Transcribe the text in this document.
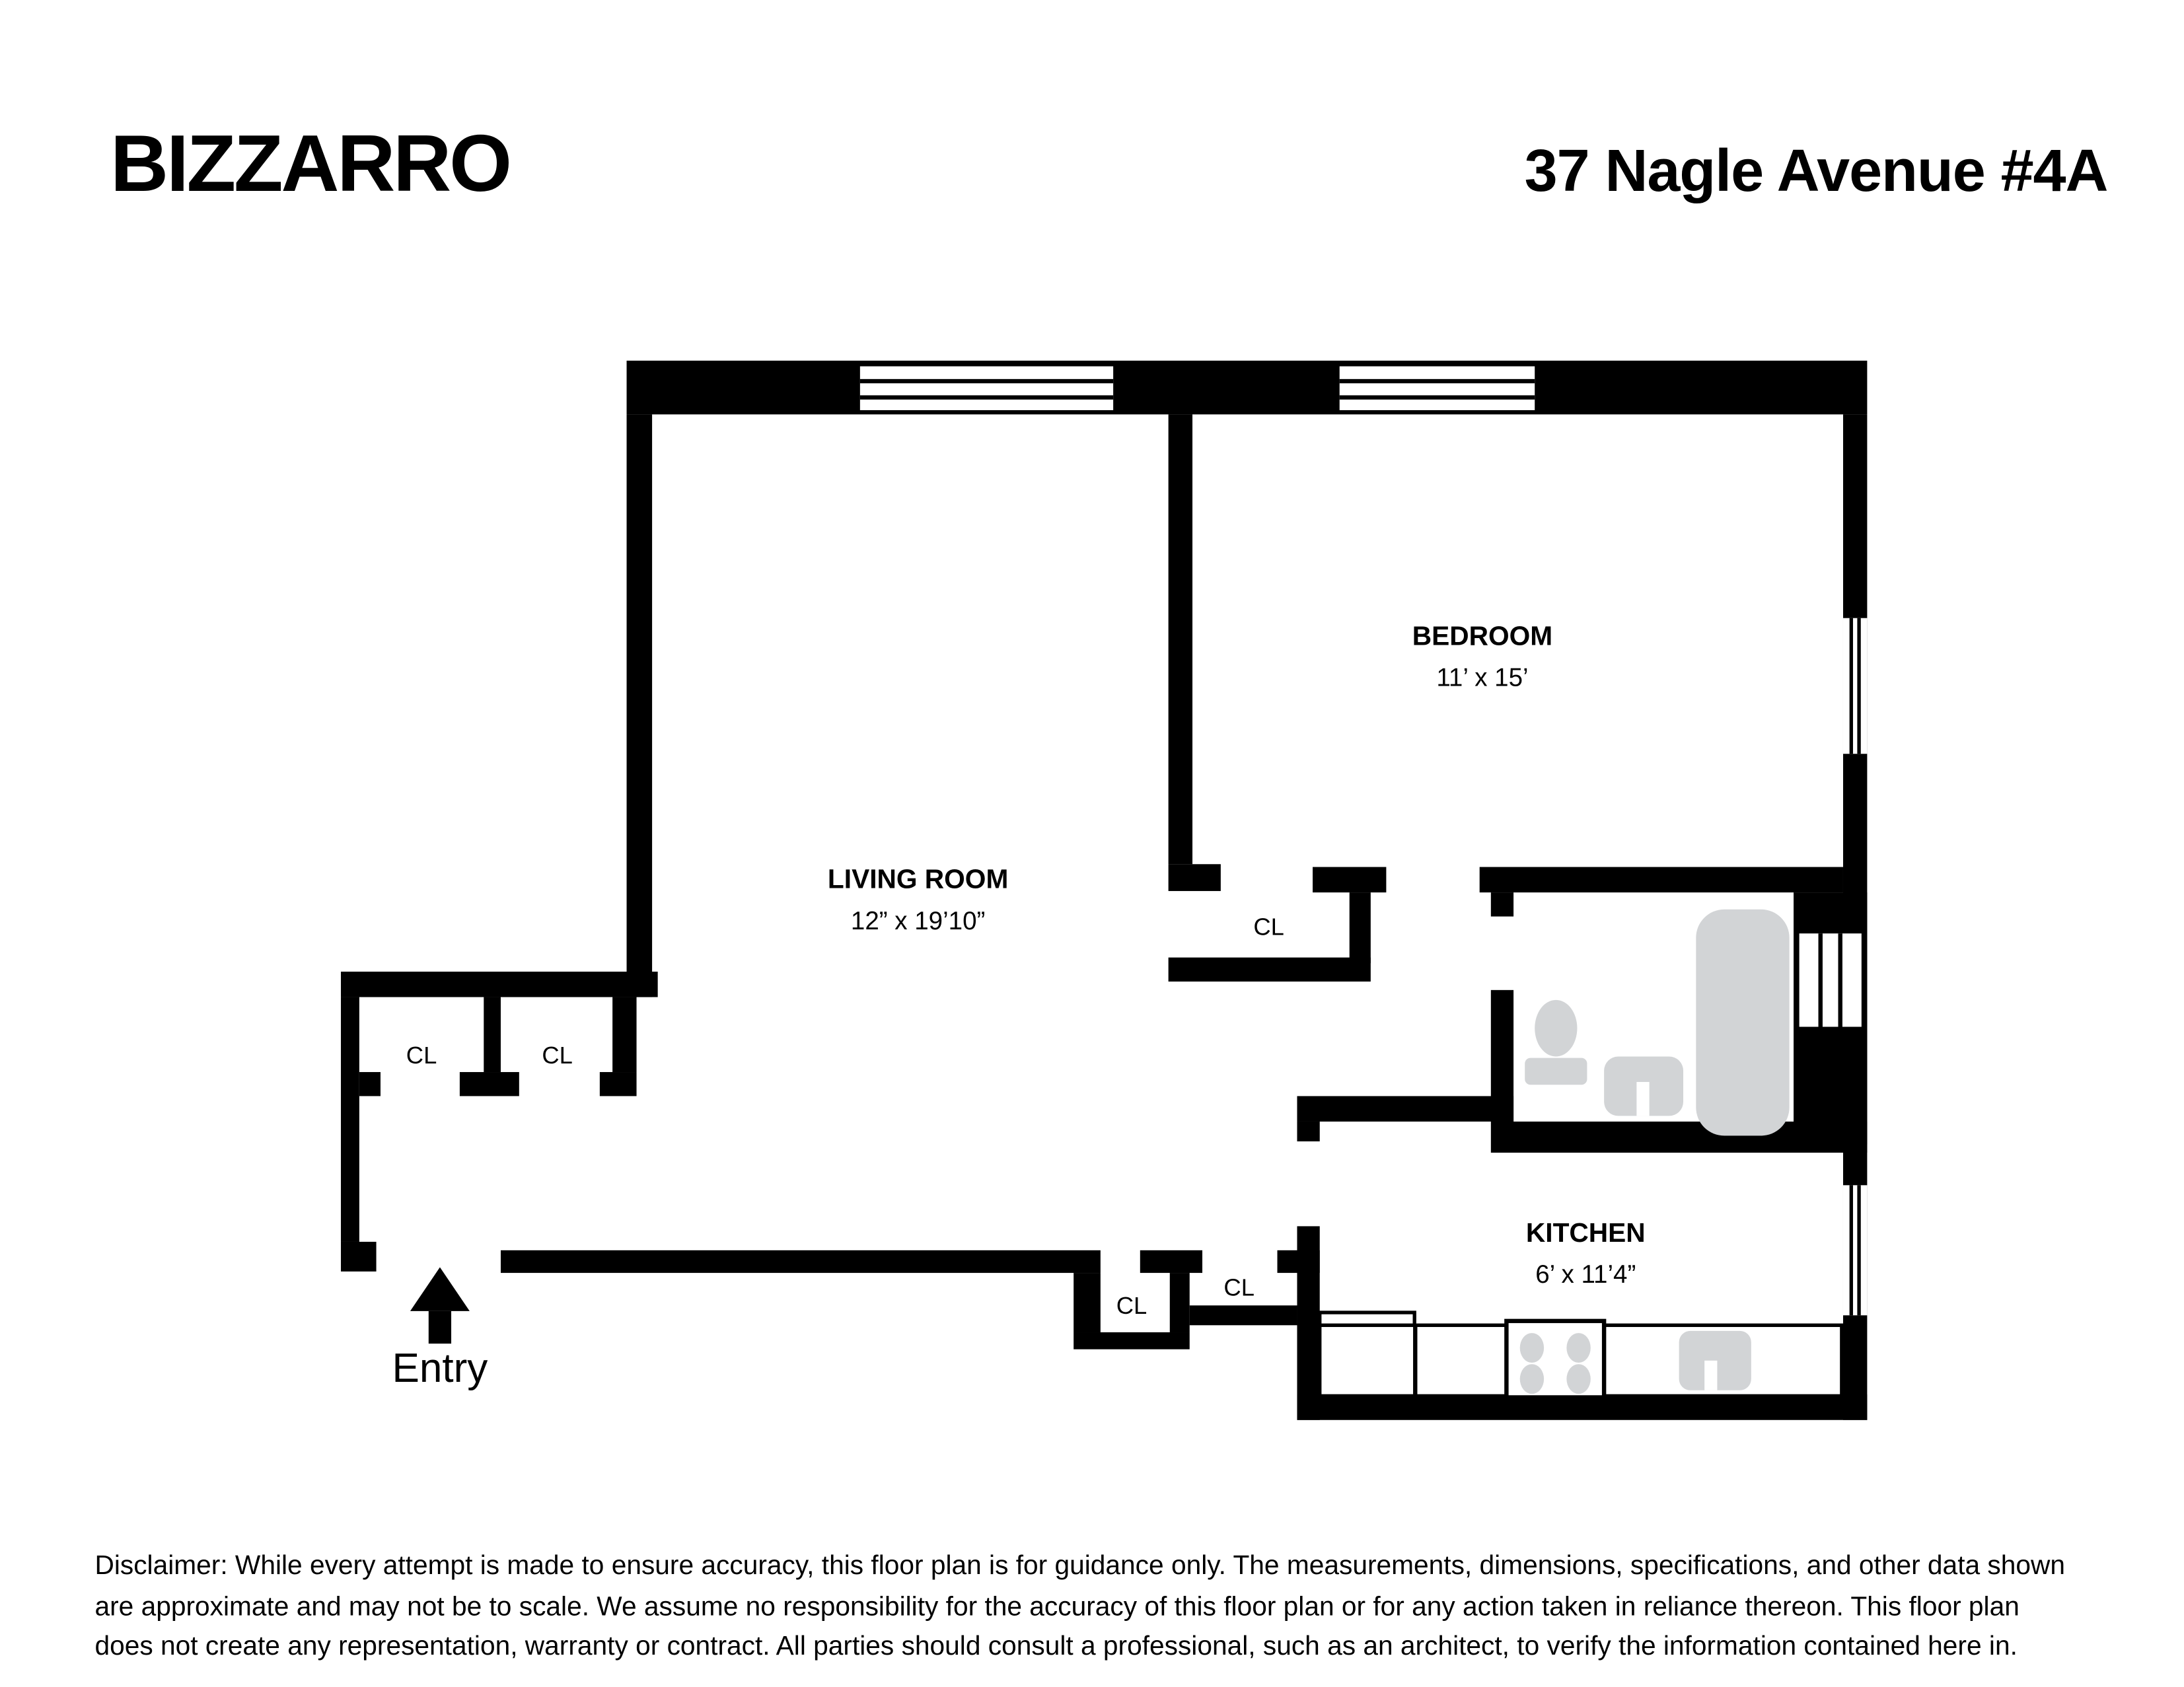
BIZZARRO	37 Nagle Avenue #4A
LIVING ROOM
12” x 19’10”
BEDROOM
11’ x 15’
KITCHEN
6’ x 11’4”
CL	CL
CL
CL
CL
Entry
Disclaimer: While every attempt is made to ensure accuracy, this floor plan is for guidance only. The measurements, dimensions, specifications, and other data shown
are approximate and may not be to scale. We assume no responsibility for the accuracy of this floor plan or for any action taken in reliance thereon. This floor plan
does not create any representation, warranty or contract. All parties should consult a professional, such as an architect, to verify the information contained here in.
